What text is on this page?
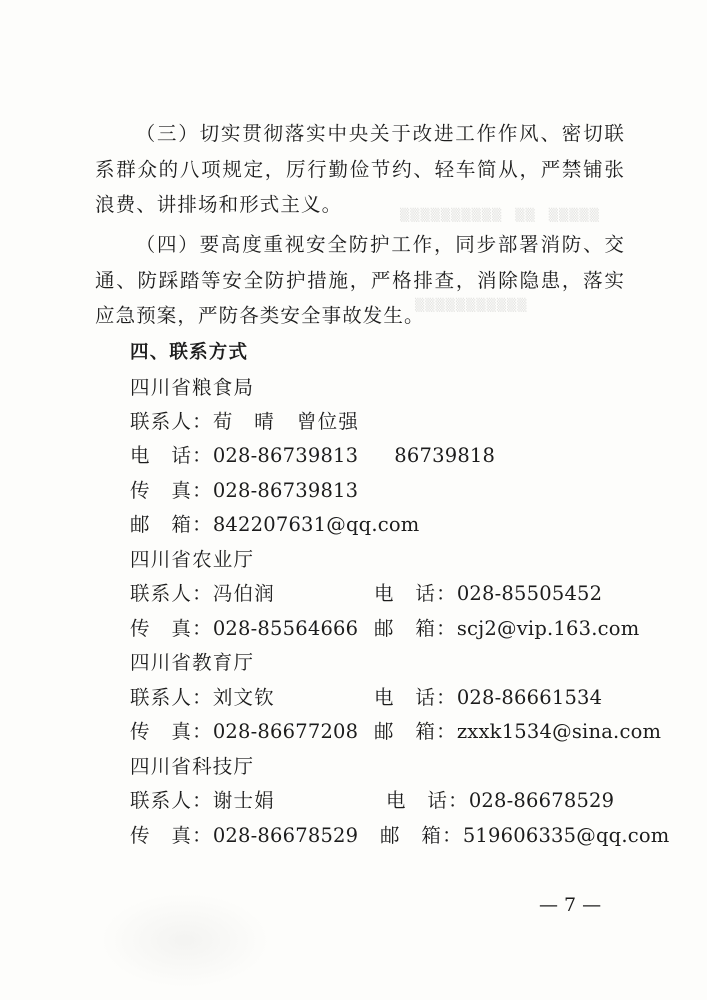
▒▒▒▒▒▒▒▒▒▒　▒▒　▒▒▒▒▒
▒▒▒▒▒▒▒▒▒▒▒
（三）切实贯彻落实中央关于改进工作作风、密切联系群众的八项规定，厉行勤俭节约、轻车简从，严禁铺张浪费、讲排场和形式主义。
（四）要高度重视安全防护工作，同步部署消防、交通、防踩踏等安全防护措施，严格排查，消除隐患，落实应急预案，严防各类安全事故发生。
四、联系方式
四川省粮食局
联系人：荀　晴 曾位强
电　话：028-86739813 86739818
传　真：028-86739813
邮　箱：842207631@qq.com
四川省农业厅
联系人：冯伯润	电　话：028-85505452
传　真：028-85564666 邮　箱：scj2@vip.163.com
四川省教育厅
联系人：刘文钦	电　话：028-86661534
传　真：028-86677208 邮　箱：zxxk1534@sina.com
四川省科技厅
联系人：谢士娟	电　话：028-86678529
传　真：028-86678529 邮　箱：519606335@qq.com
— 7 —
